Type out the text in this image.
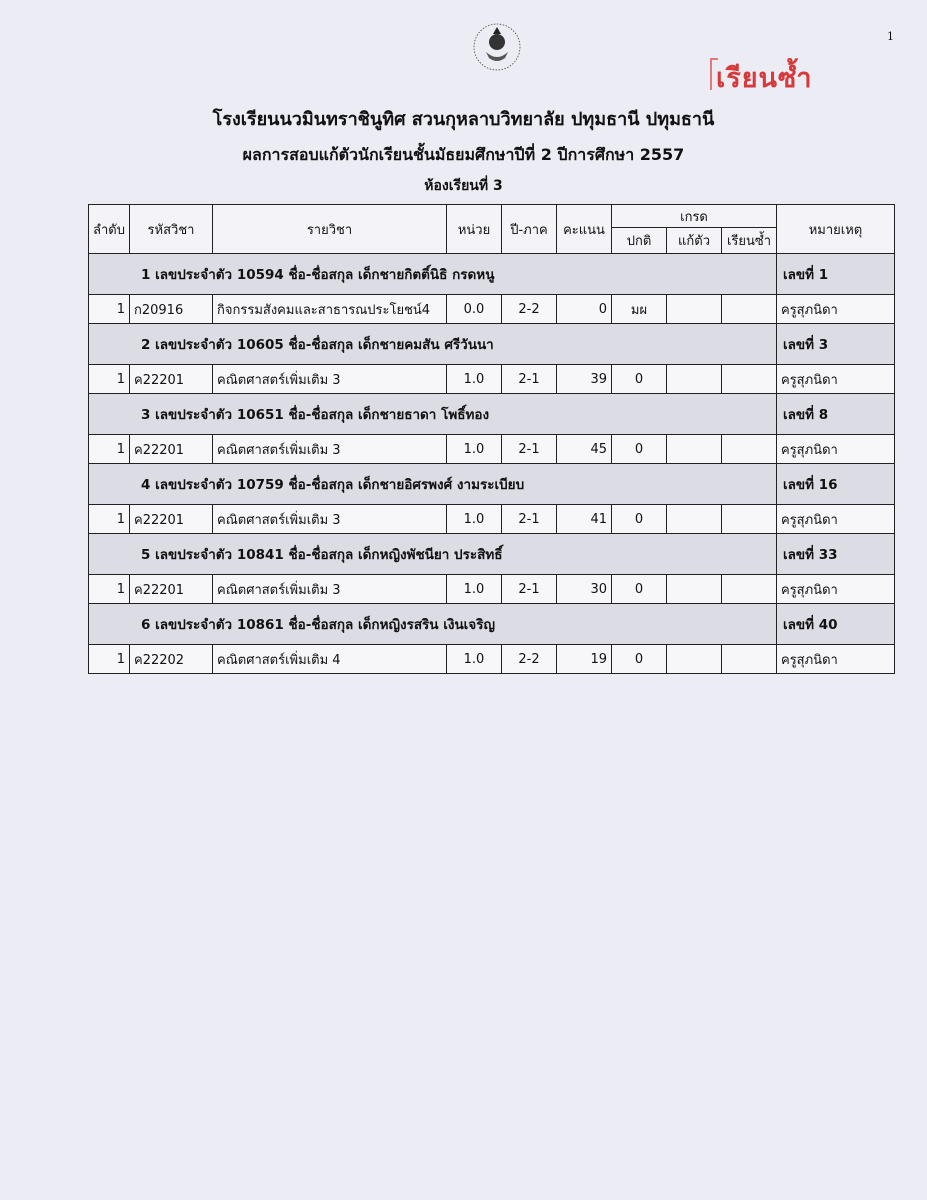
1
เรียนซ้ำ
โรงเรียนนวมินทราชินูทิศ สวนกุหลาบวิทยาลัย ปทุมธานี ปทุมธานี
ผลการสอบแก้ตัวนักเรียนชั้นมัธยมศึกษาปีที่ 2 ปีการศึกษา 2557
ห้องเรียนที่ 3
ลำดับ	รหัสวิชา	รายวิชา	หน่วย	ปี-ภาค	คะแนน	เกรด			หมายเหตุ
						ปกติ	แก้ตัว	เรียนซ้ำ	
1 เลขประจำตัว 10594 ชื่อ-ชื่อสกุล เด็กชายกิตติ์นิธิ กรดหนู									เลขที่ 1
1	ก20916	กิจกรรมสังคมและสาธารณประโยชน์4	0.0	2-2	0	มผ			ครูสุภนิดา
2 เลขประจำตัว 10605 ชื่อ-ชื่อสกุล เด็กชายคมสัน ศรีวันนา									เลขที่ 3
1	ค22201	คณิตศาสตร์เพิ่มเติม 3	1.0	2-1	39	0			ครูสุภนิดา
3 เลขประจำตัว 10651 ชื่อ-ชื่อสกุล เด็กชายธาดา โพธิ์ทอง									เลขที่ 8
1	ค22201	คณิตศาสตร์เพิ่มเติม 3	1.0	2-1	45	0			ครูสุภนิดา
4 เลขประจำตัว 10759 ชื่อ-ชื่อสกุล เด็กชายอิศรพงศ์ งามระเบียบ									เลขที่ 16
1	ค22201	คณิตศาสตร์เพิ่มเติม 3	1.0	2-1	41	0			ครูสุภนิดา
5 เลขประจำตัว 10841 ชื่อ-ชื่อสกุล เด็กหญิงพัชนียา ประสิทธิ์									เลขที่ 33
1	ค22201	คณิตศาสตร์เพิ่มเติม 3	1.0	2-1	30	0			ครูสุภนิดา
6 เลขประจำตัว 10861 ชื่อ-ชื่อสกุล เด็กหญิงรสริน เงินเจริญ									เลขที่ 40
1	ค22202	คณิตศาสตร์เพิ่มเติม 4	1.0	2-2	19	0			ครูสุภนิดา
